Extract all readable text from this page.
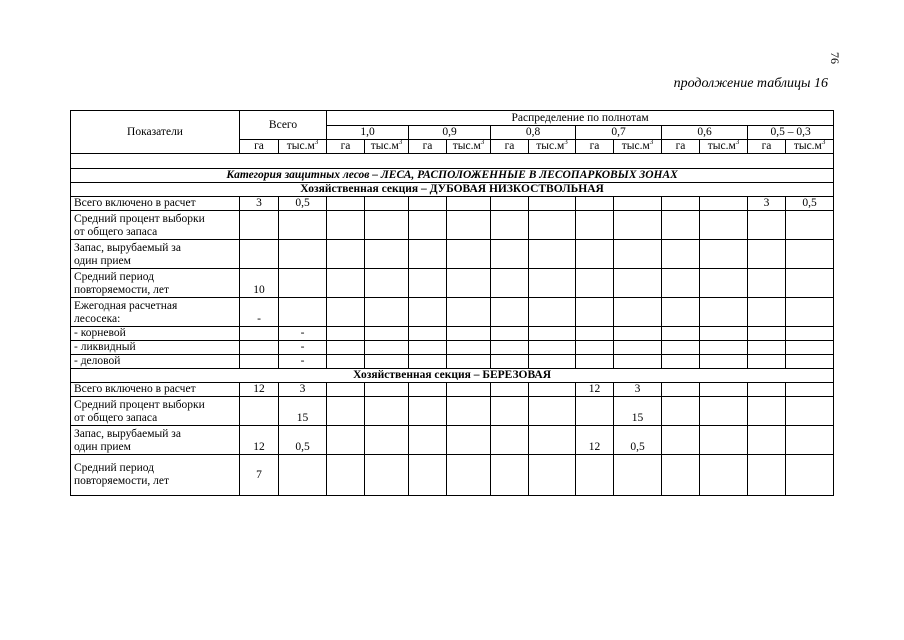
76
продолжение таблицы 16
Показатели	Всего		Распределение по полнотам											
			1,0		0,9		0,8		0,7		0,6		0,5 – 0,3	
	га	$тыс.м^3$	га	$тыс.м^3$	га	$тыс.м^3$	га	$тыс.м^3$	га	$тыс.м^3$	га	$тыс.м^3$	га	$тыс.м^3$

Категория защитных лесов – ЛЕСА, РАСПОЛОЖЕННЫЕ В ЛЕСОПАРКОВЫХ ЗОНАХ														
Хозяйственная секция – ДУБОВАЯ НИЗКОСТВОЛЬНАЯ														

Всего включено в расчет	3	0,5											3	0,5

Средний процент выборки
от общего запаса														

Запас, вырубаемый за
один прием														

Средний период
повторяемости, лет	10													

Ежегодная расчетная
лесосека:	-													

- корневой		-												

- ликвидный		-												

- деловой		-												
Хозяйственная секция – БЕРЕЗОВАЯ														

Всего включено в расчет	12	3							12	3				

Средний процент выборки
от общего запаса		15								15				

Запас, вырубаемый за
один прием	12	0,5							12	0,5				

Средний период
повторяемости, лет	7													
